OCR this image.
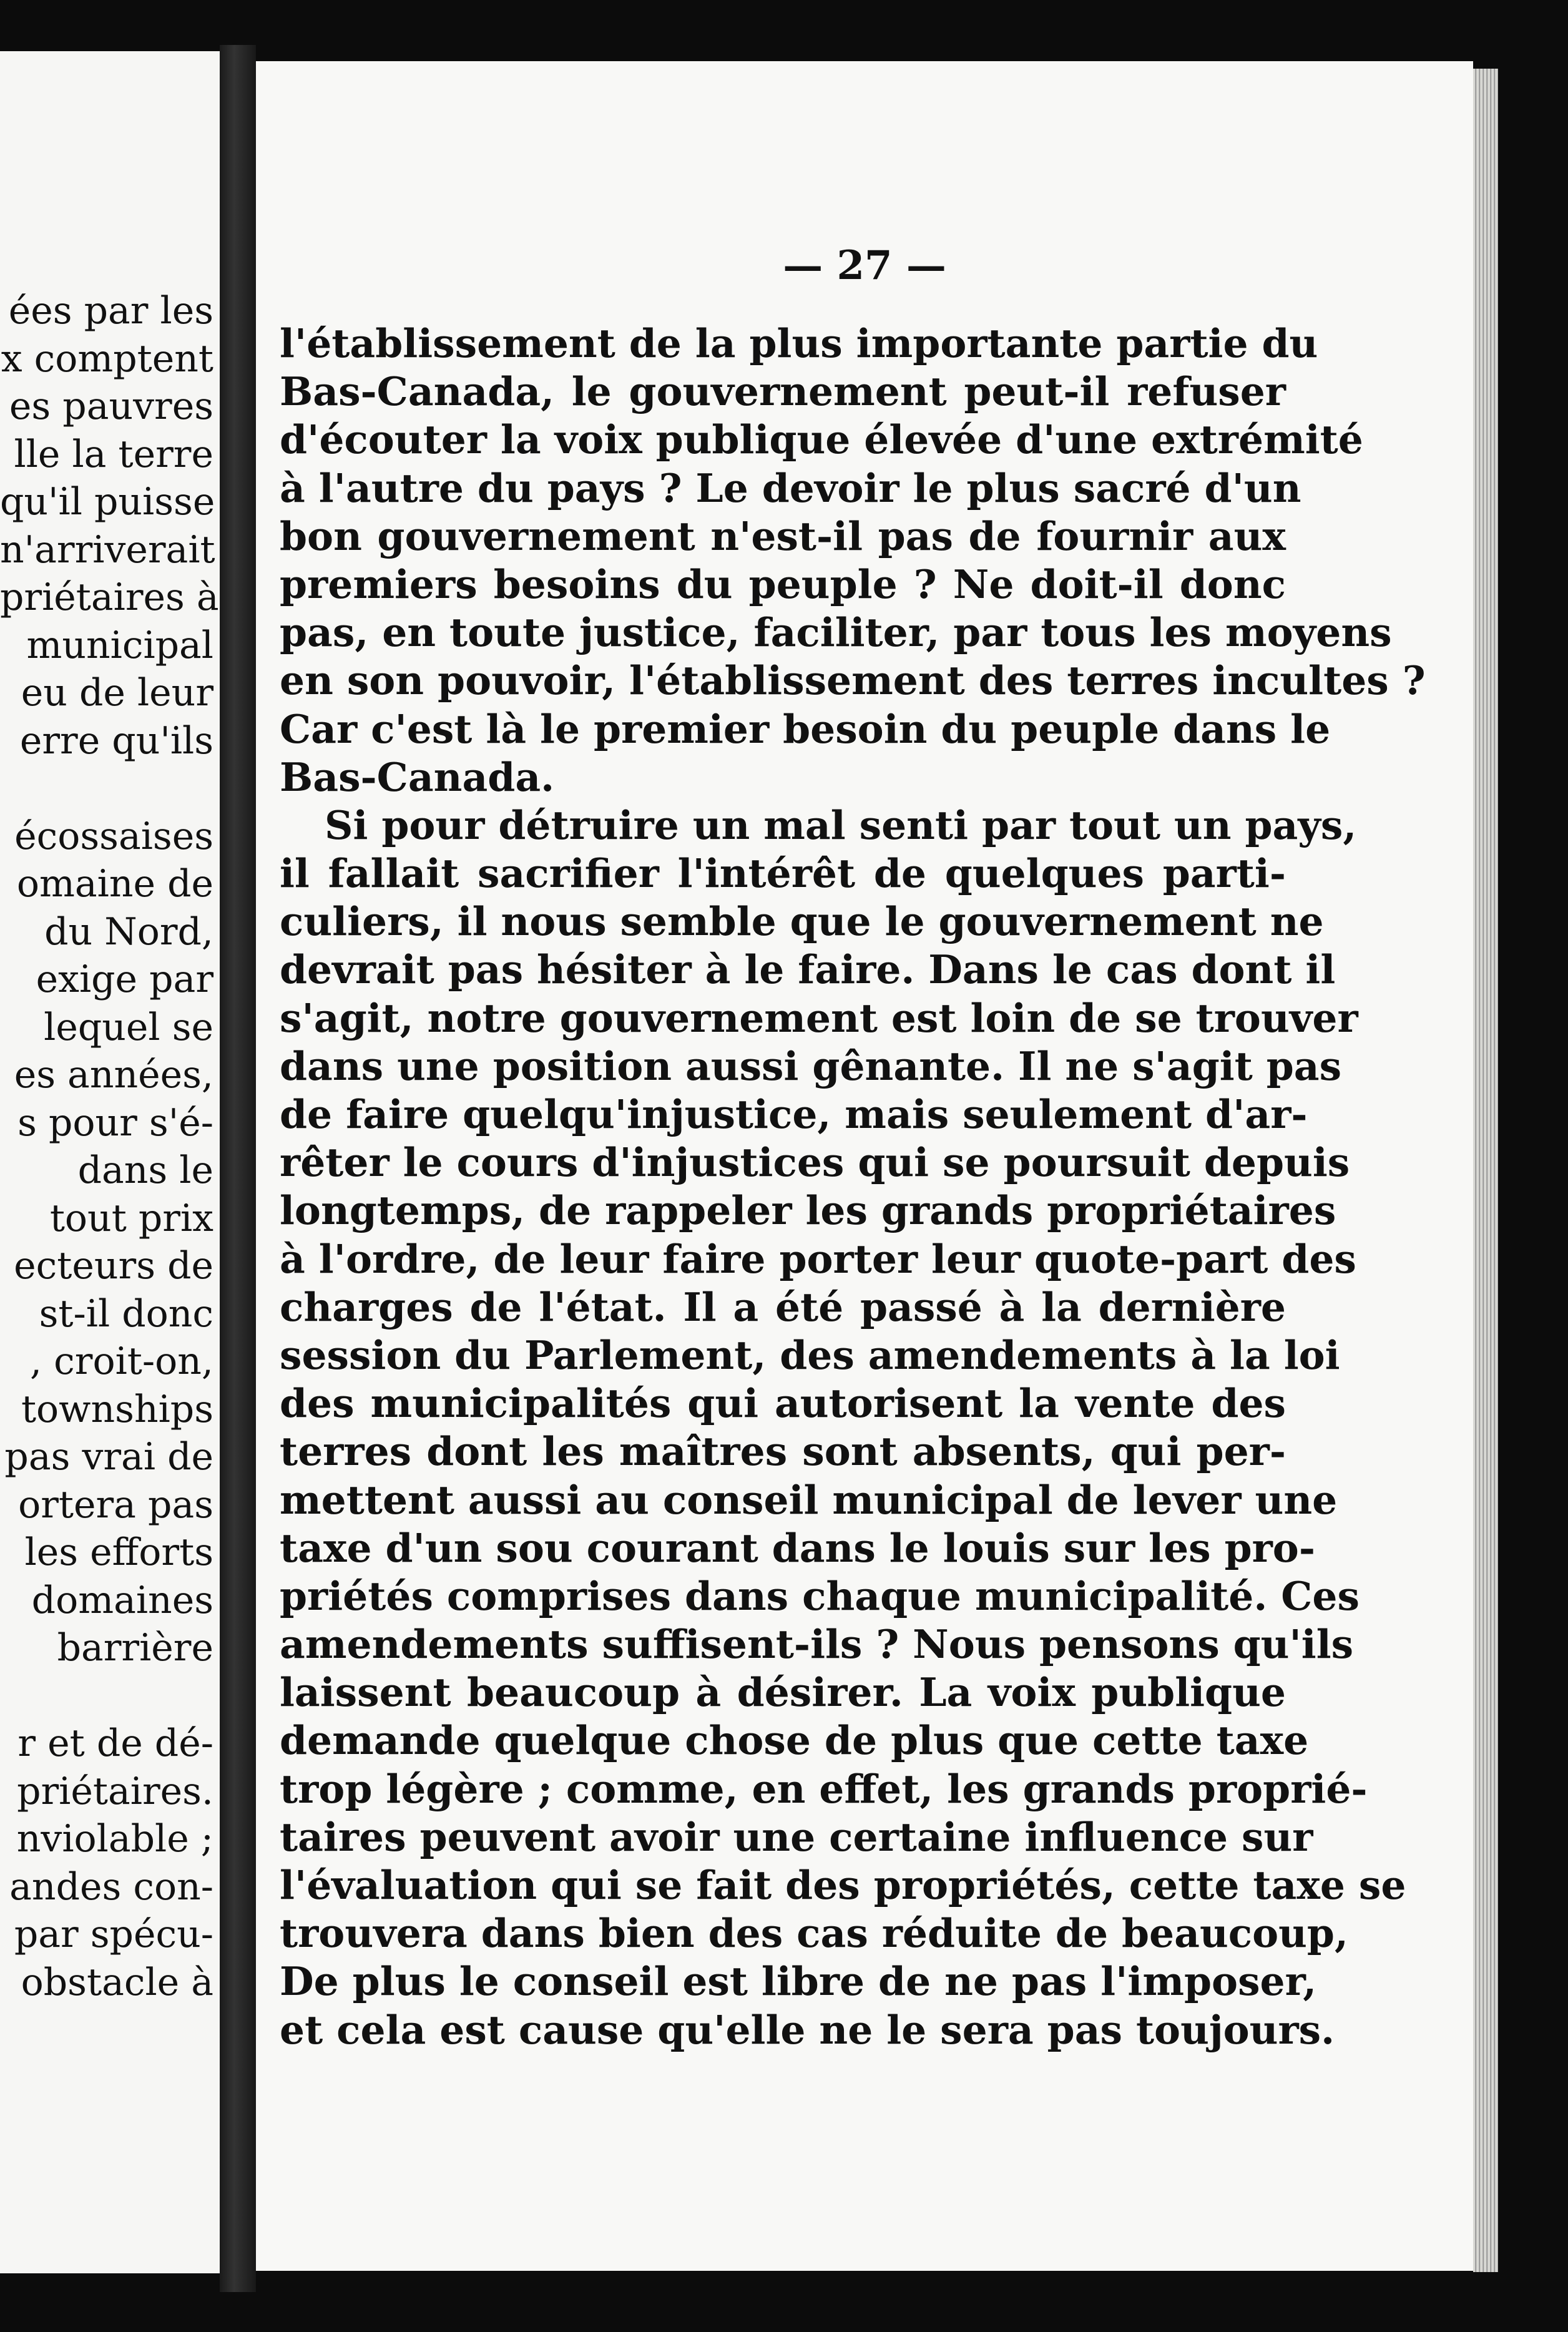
ées par les
x comptent
es pauvres
lle la terre
qu'il puisse
n'arriverait
priétaires à
municipal
eu de leur
erre qu'ils
écossaises
omaine de
du Nord,
exige par
lequel se
es années,
s pour s'é-
dans le
tout prix
ecteurs de
st-il donc
, croit-on,
townships
pas vrai de
ortera pas
les efforts
domaines
barrière
r et de dé-
priétaires.
nviolable ;
andes con-
par spécu-
obstacle à
— 27 —
l'établissement de la plus importante partie du
Bas-Canada, le gouvernement peut-il refuser
d'écouter la voix publique élevée d'une extrémité
à l'autre du pays ? Le devoir le plus sacré d'un
bon gouvernement n'est-il pas de fournir aux
premiers besoins du peuple ? Ne doit-il donc
pas, en toute justice, faciliter, par tous les moyens
en son pouvoir, l'établissement des terres incultes ?
Car c'est là le premier besoin du peuple dans le
Bas-Canada.
Si pour détruire un mal senti par tout un pays,
il fallait sacrifier l'intérêt de quelques parti-
culiers, il nous semble que le gouvernement ne
devrait pas hésiter à le faire. Dans le cas dont il
s'agit, notre gouvernement est loin de se trouver
dans une position aussi gênante. Il ne s'agit pas
de faire quelqu'injustice, mais seulement d'ar-
rêter le cours d'injustices qui se poursuit depuis
longtemps, de rappeler les grands propriétaires
à l'ordre, de leur faire porter leur quote-part des
charges de l'état. Il a été passé à la dernière
session du Parlement, des amendements à la loi
des municipalités qui autorisent la vente des
terres dont les maîtres sont absents, qui per-
mettent aussi au conseil municipal de lever une
taxe d'un sou courant dans le louis sur les pro-
priétés comprises dans chaque municipalité. Ces
amendements suffisent-ils ? Nous pensons qu'ils
laissent beaucoup à désirer. La voix publique
demande quelque chose de plus que cette taxe
trop légère ; comme, en effet, les grands proprié-
taires peuvent avoir une certaine influence sur
l'évaluation qui se fait des propriétés, cette taxe se
trouvera dans bien des cas réduite de beaucoup,
De plus le conseil est libre de ne pas l'imposer,
et cela est cause qu'elle ne le sera pas toujours.
